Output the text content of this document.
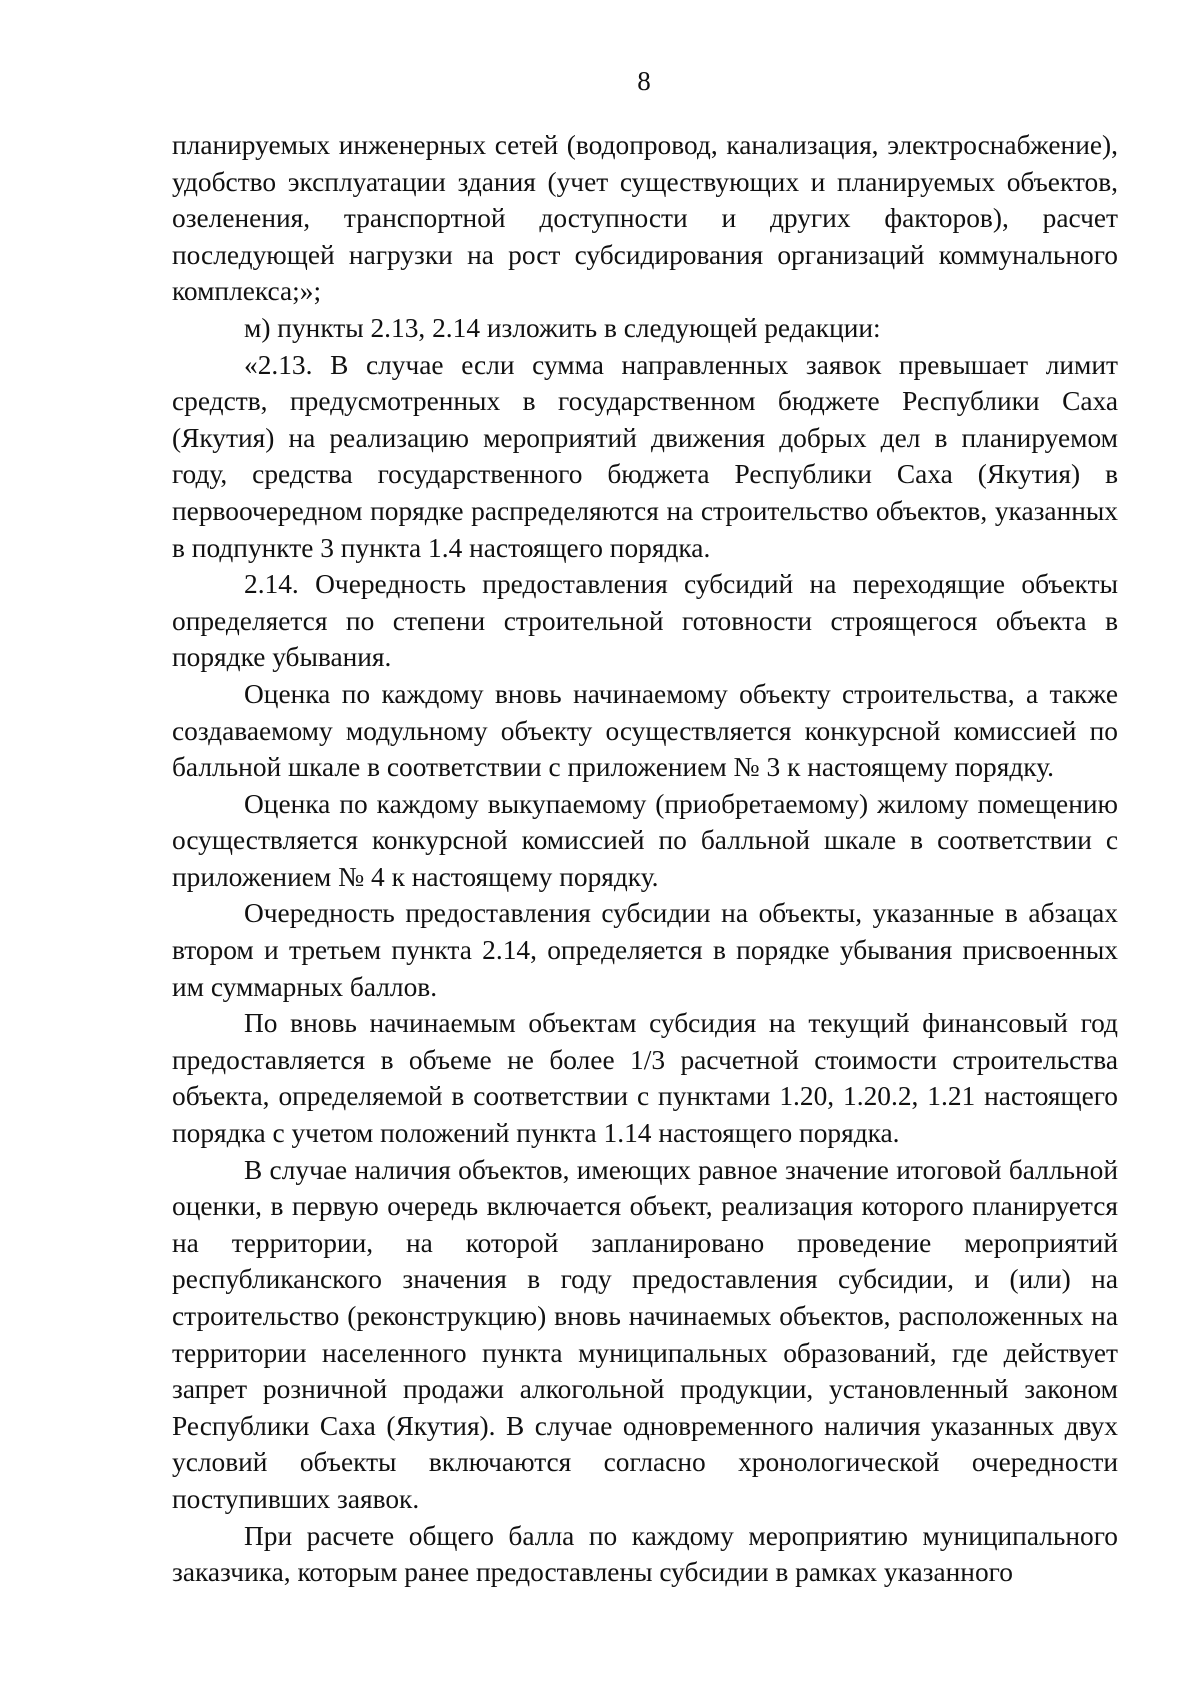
8

планируемых инженерных сетей (водопровод, канализация, электроснабжение), удобство эксплуатации здания (учет существующих и планируемых объектов, озеленения, транспортной доступности и других факторов), расчет последующей нагрузки на рост субсидирования организаций коммунального комплекса;»;

м) пункты 2.13, 2.14 изложить в следующей редакции:

«2.13. В случае если сумма направленных заявок превышает лимит средств, предусмотренных в государственном бюджете Республики Саха (Якутия) на реализацию мероприятий движения добрых дел в планируемом году, средства государственного бюджета Республики Саха (Якутия) в первоочередном порядке распределяются на строительство объектов, указанных в подпункте 3 пункта 1.4 настоящего порядка.

2.14. Очередность предоставления субсидий на переходящие объекты определяется по степени строительной готовности строящегося объекта в порядке убывания.

Оценка по каждому вновь начинаемому объекту строительства, а также создаваемому модульному объекту осуществляется конкурсной комиссией по балльной шкале в соответствии с приложением № 3 к настоящему порядку.

Оценка по каждому выкупаемому (приобретаемому) жилому помещению осуществляется конкурсной комиссией по балльной шкале в соответствии с приложением № 4 к настоящему порядку.

Очередность предоставления субсидии на объекты, указанные в абзацах втором и третьем пункта 2.14, определяется в порядке убывания присвоенных им суммарных баллов.

По вновь начинаемым объектам субсидия на текущий финансовый год предоставляется в объеме не более 1/3 расчетной стоимости строительства объекта, определяемой в соответствии с пунктами 1.20, 1.20.2, 1.21 настоящего порядка с учетом положений пункта 1.14 настоящего порядка.

В случае наличия объектов, имеющих равное значение итоговой балльной оценки, в первую очередь включается объект, реализация которого планируется на территории, на которой запланировано проведение мероприятий республиканского значения в году предоставления субсидии, и (или) на строительство (реконструкцию) вновь начинаемых объектов, расположенных на территории населенного пункта муниципальных образований, где действует запрет розничной продажи алкогольной продукции, установленный законом Республики Саха (Якутия). В случае одновременного наличия указанных двух условий объекты включаются согласно хронологической очередности поступивших заявок.

При расчете общего балла по каждому мероприятию муниципального заказчика, которым ранее предоставлены субсидии в рамках указанного
